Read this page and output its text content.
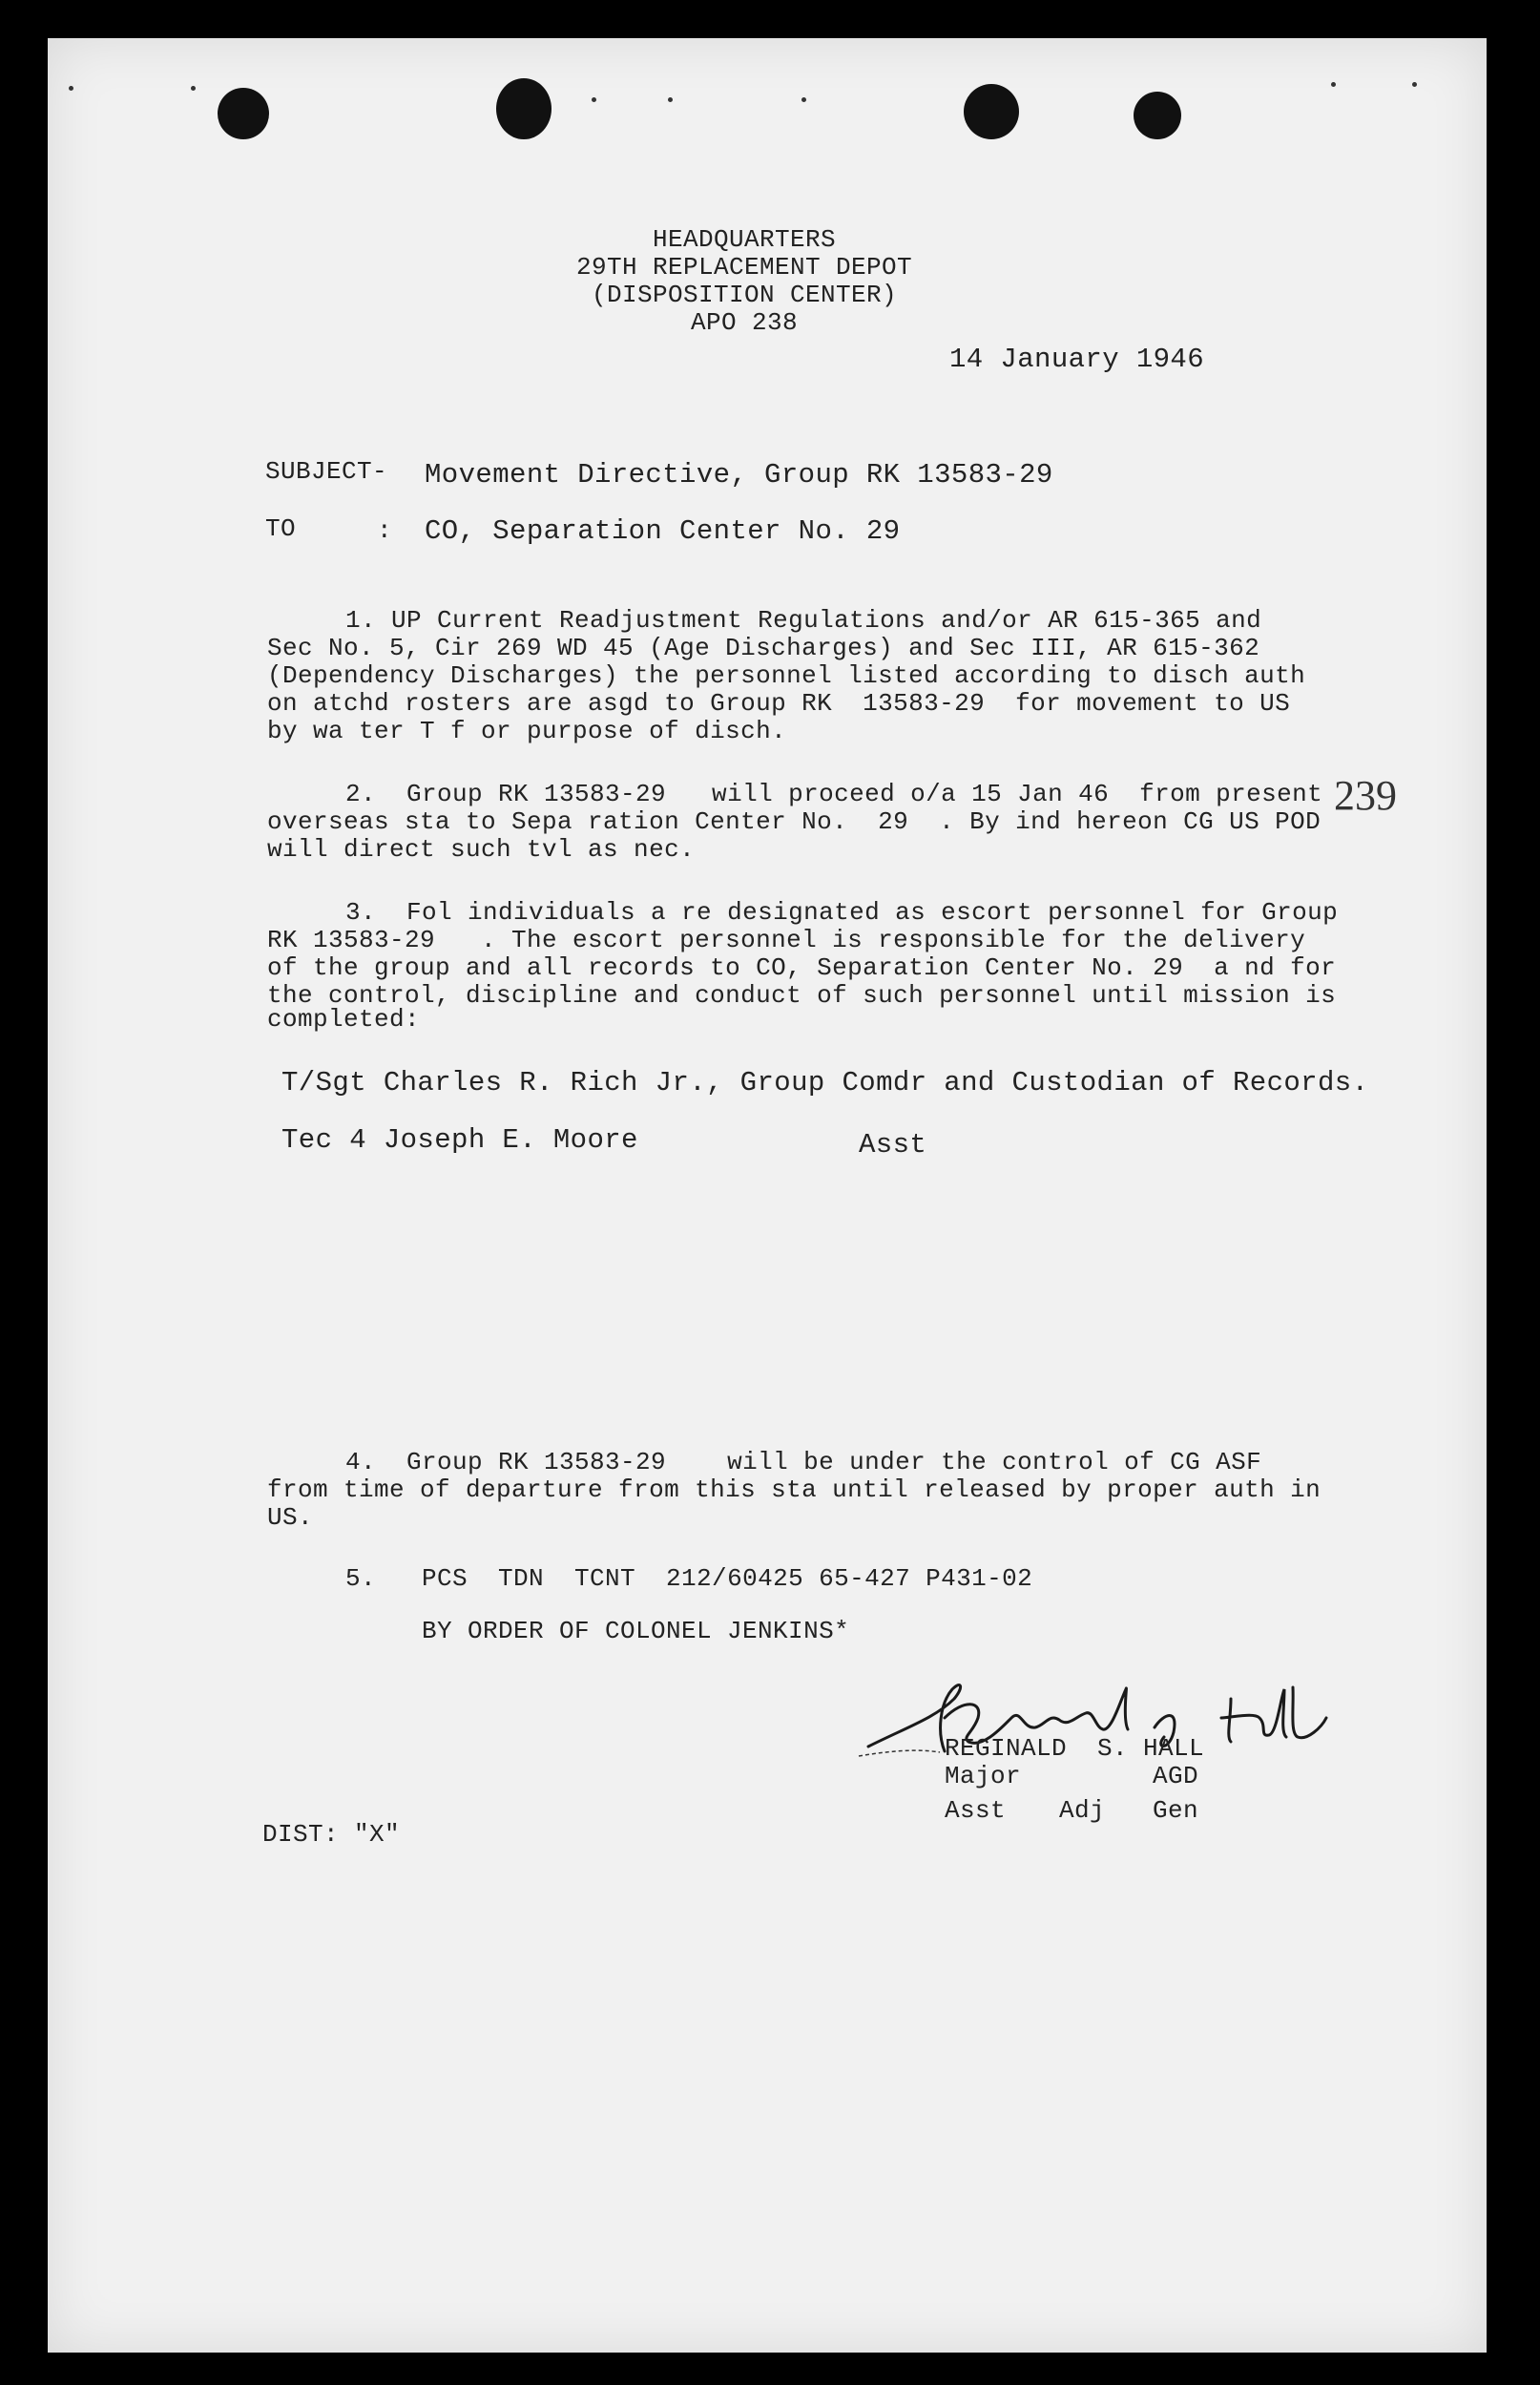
HEADQUARTERS
29TH REPLACEMENT DEPOT
(DISPOSITION CENTER)
APO 238
14 January 1946
SUBJECT- Movement Directive, Group RK 13583-29
TO	: CO, Separation Center No. 29
1. UP Current Readjustment Regulations and/or AR 615-365 and
Sec No. 5, Cir 269 WD 45 (Age Discharges) and Sec III, AR 615-362
(Dependency Discharges) the personnel listed according to disch auth
on atchd rosters are asgd to Group RK  13583-29  for movement to US
by wa ter T f or purpose of disch.
2.  Group RK 13583-29   will proceed o/a 15 Jan 46  from present
overseas sta to Sepa ration Center No.  29  . By ind hereon CG US POD
will direct such tvl as nec.
239
3.  Fol individuals a re designated as escort personnel for Group
RK 13583-29   . The escort personnel is responsible for the delivery
of the group and all records to CO, Separation Center No. 29  a nd for
the control, discipline and conduct of such personnel until mission is
completed:
T/Sgt Charles R. Rich Jr., Group Comdr and Custodian of Records.
Tec 4 Joseph E. Moore	Asst
4.  Group RK 13583-29    will be under the control of CG ASF
from time of departure from this sta until released by proper auth in
US.
5.   PCS  TDN  TCNT  212/60425 65-427 P431-02
BY ORDER OF COLONEL JENKINS*
REGINALD  S. HALL
Major	AGD
Asst Adj Gen
DIST: "X"
